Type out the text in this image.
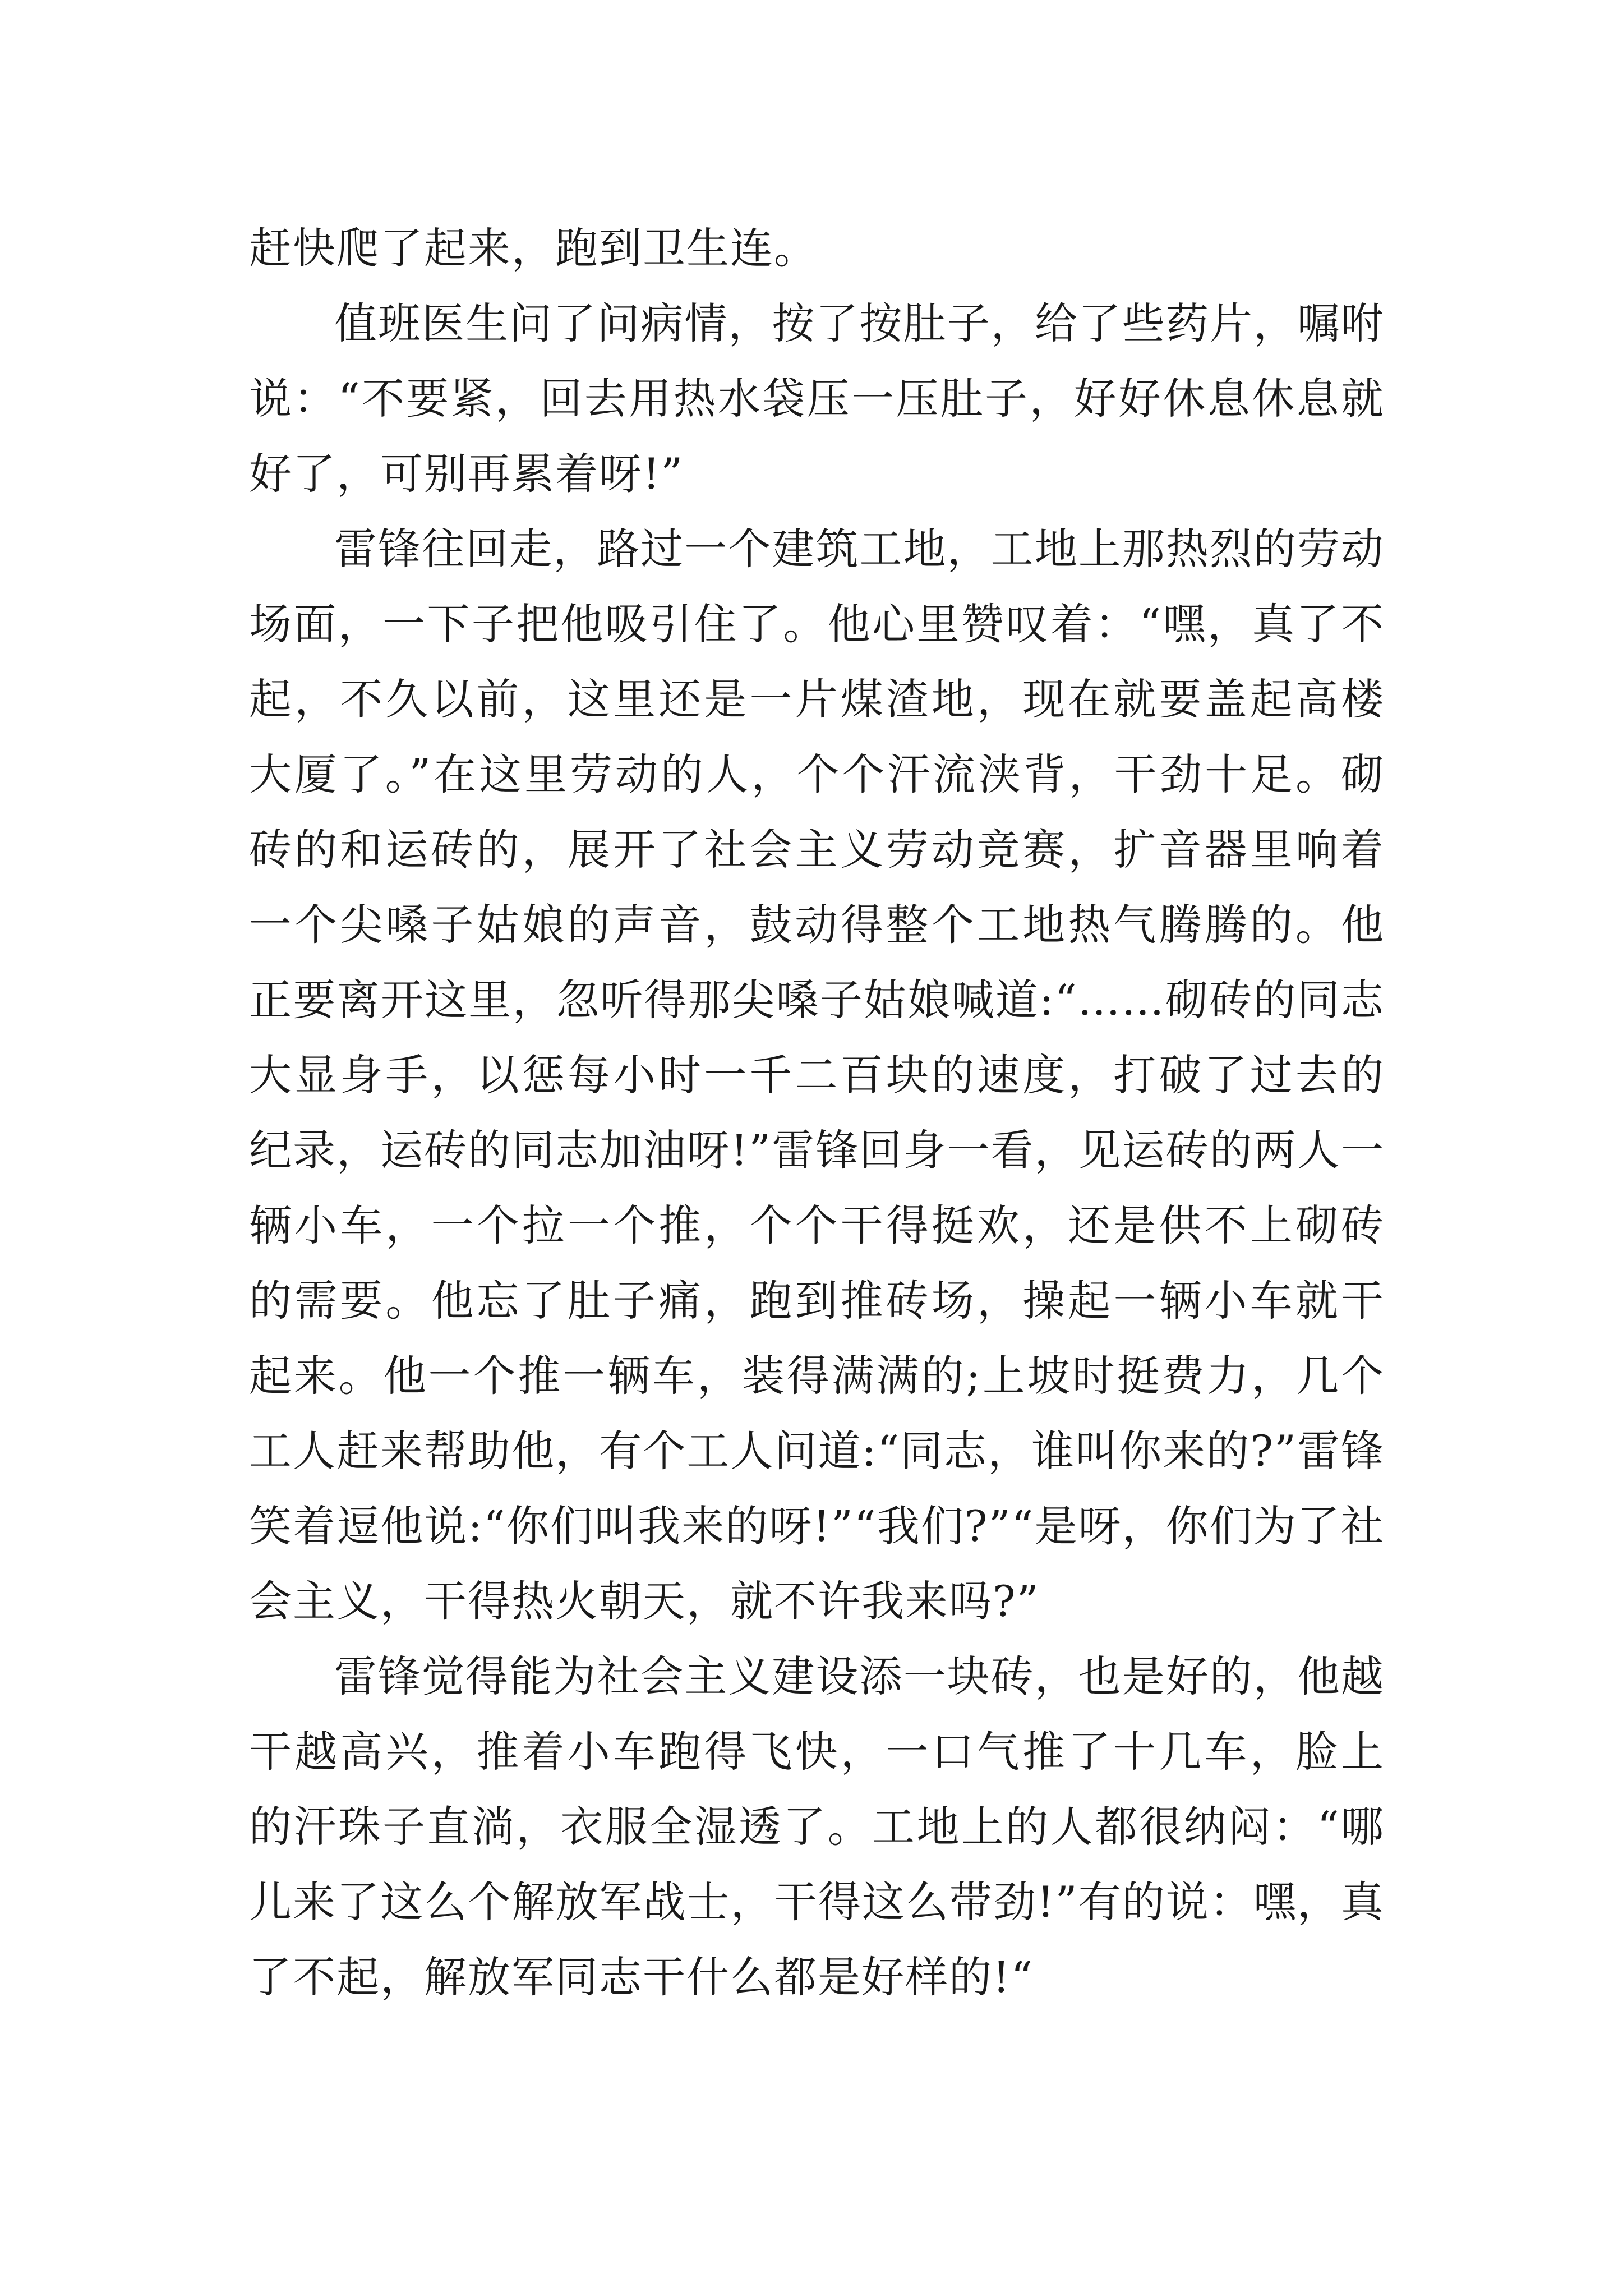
赶快爬了起来，跑到卫生连。

值班医生问了问病情，按了按肚子，给了些药片，嘱咐说：“不要紧，回去用热水袋压一压肚子，好好休息休息就好了，可别再累着呀!”

雷锋往回走，路过一个建筑工地，工地上那热烈的劳动场面，一下子把他吸引住了。他心里赞叹着：“嘿，真了不起，不久以前，这里还是一片煤渣地，现在就要盖起高楼大厦了。”在这里劳动的人，个个汗流浃背，干劲十足。砌砖的和运砖的，展开了社会主义劳动竞赛，扩音器里响着一个尖嗓子姑娘的声音，鼓动得整个工地热气腾腾的。他正要离开这里，忽听得那尖嗓子姑娘喊道:“……砌砖的同志大显身手，以惩每小时一千二百块的速度，打破了过去的纪录，运砖的同志加油呀!”雷锋回身一看，见运砖的两人一辆小车，一个拉一个推，个个干得挺欢，还是供不上砌砖的需要。他忘了肚子痛，跑到推砖场，操起一辆小车就干起来。他一个推一辆车，装得满满的;上坡时挺费力，几个工人赶来帮助他，有个工人问道:“同志，谁叫你来的?”雷锋笑着逗他说:“你们叫我来的呀!”“我们?”“是呀，你们为了社会主义，干得热火朝天，就不许我来吗?”

雷锋觉得能为社会主义建设添一块砖，也是好的，他越干越高兴，推着小车跑得飞快，一口气推了十几车，脸上的汗珠子直淌，衣服全湿透了。工地上的人都很纳闷：“哪儿来了这么个解放军战士，干得这么带劲!”有的说：嘿，真了不起，解放军同志干什么都是好样的!“
